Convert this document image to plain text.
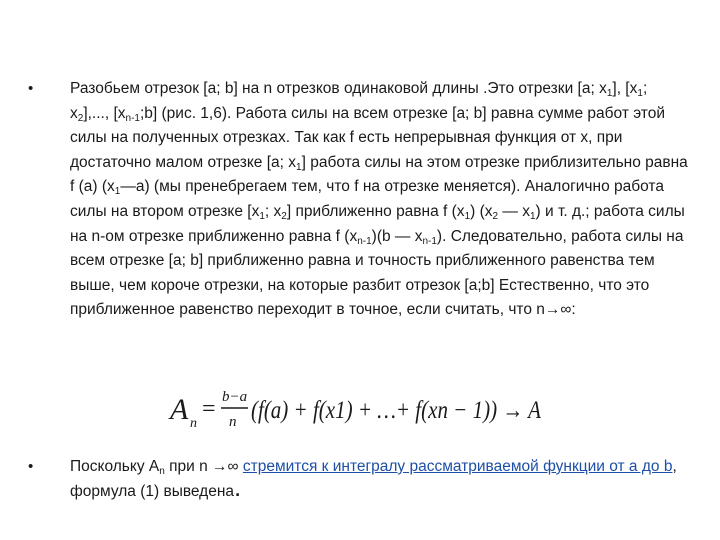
•	Разобьем отрезок [a; b] на n отрезков одинаковой длины .Это отрезки [a; $x_1$], [$x_1$; $x_2$],..., $[x_{n-1};b]$ (рис. 1,6). Работа силы на всем отрезке [a; b] равна сумме работ этой силы на полученных отрезках. Так как f есть непрерывная функция от x, при достаточно малом отрезке [a; $x_1$] работа силы на этом отрезке приблизительно равна f (a) $(x_1—a)$ (мы пренебрегаем тем, что f на отрезке меняется). Аналогично работа силы на втором отрезке [$x_1$; $x_2$] приближенно равна f $(x_1)$ ($x_2$ — $x_1$) и т. д.; работа силы на n-ом отрезке приближенно равна f $(x_{n-1})(b$ — $x_{n-1}$). Следовательно, работа силы на всем отрезке [a; b] приближенно равна и точность приближенного равенства тем выше, чем короче отрезки, на которые разбит отрезок [a;b] Естественно, что это приближенное равенство переходит в точное, если считать, что n→∞:
A n
= b−a
n (f(a) + f(x1) + …+ f(xn − 1)) → A
•	Поскольку $A_n$ при n →∞ стремится к интегралу рассматриваемой функции от a до b, формула (1) выведена.
